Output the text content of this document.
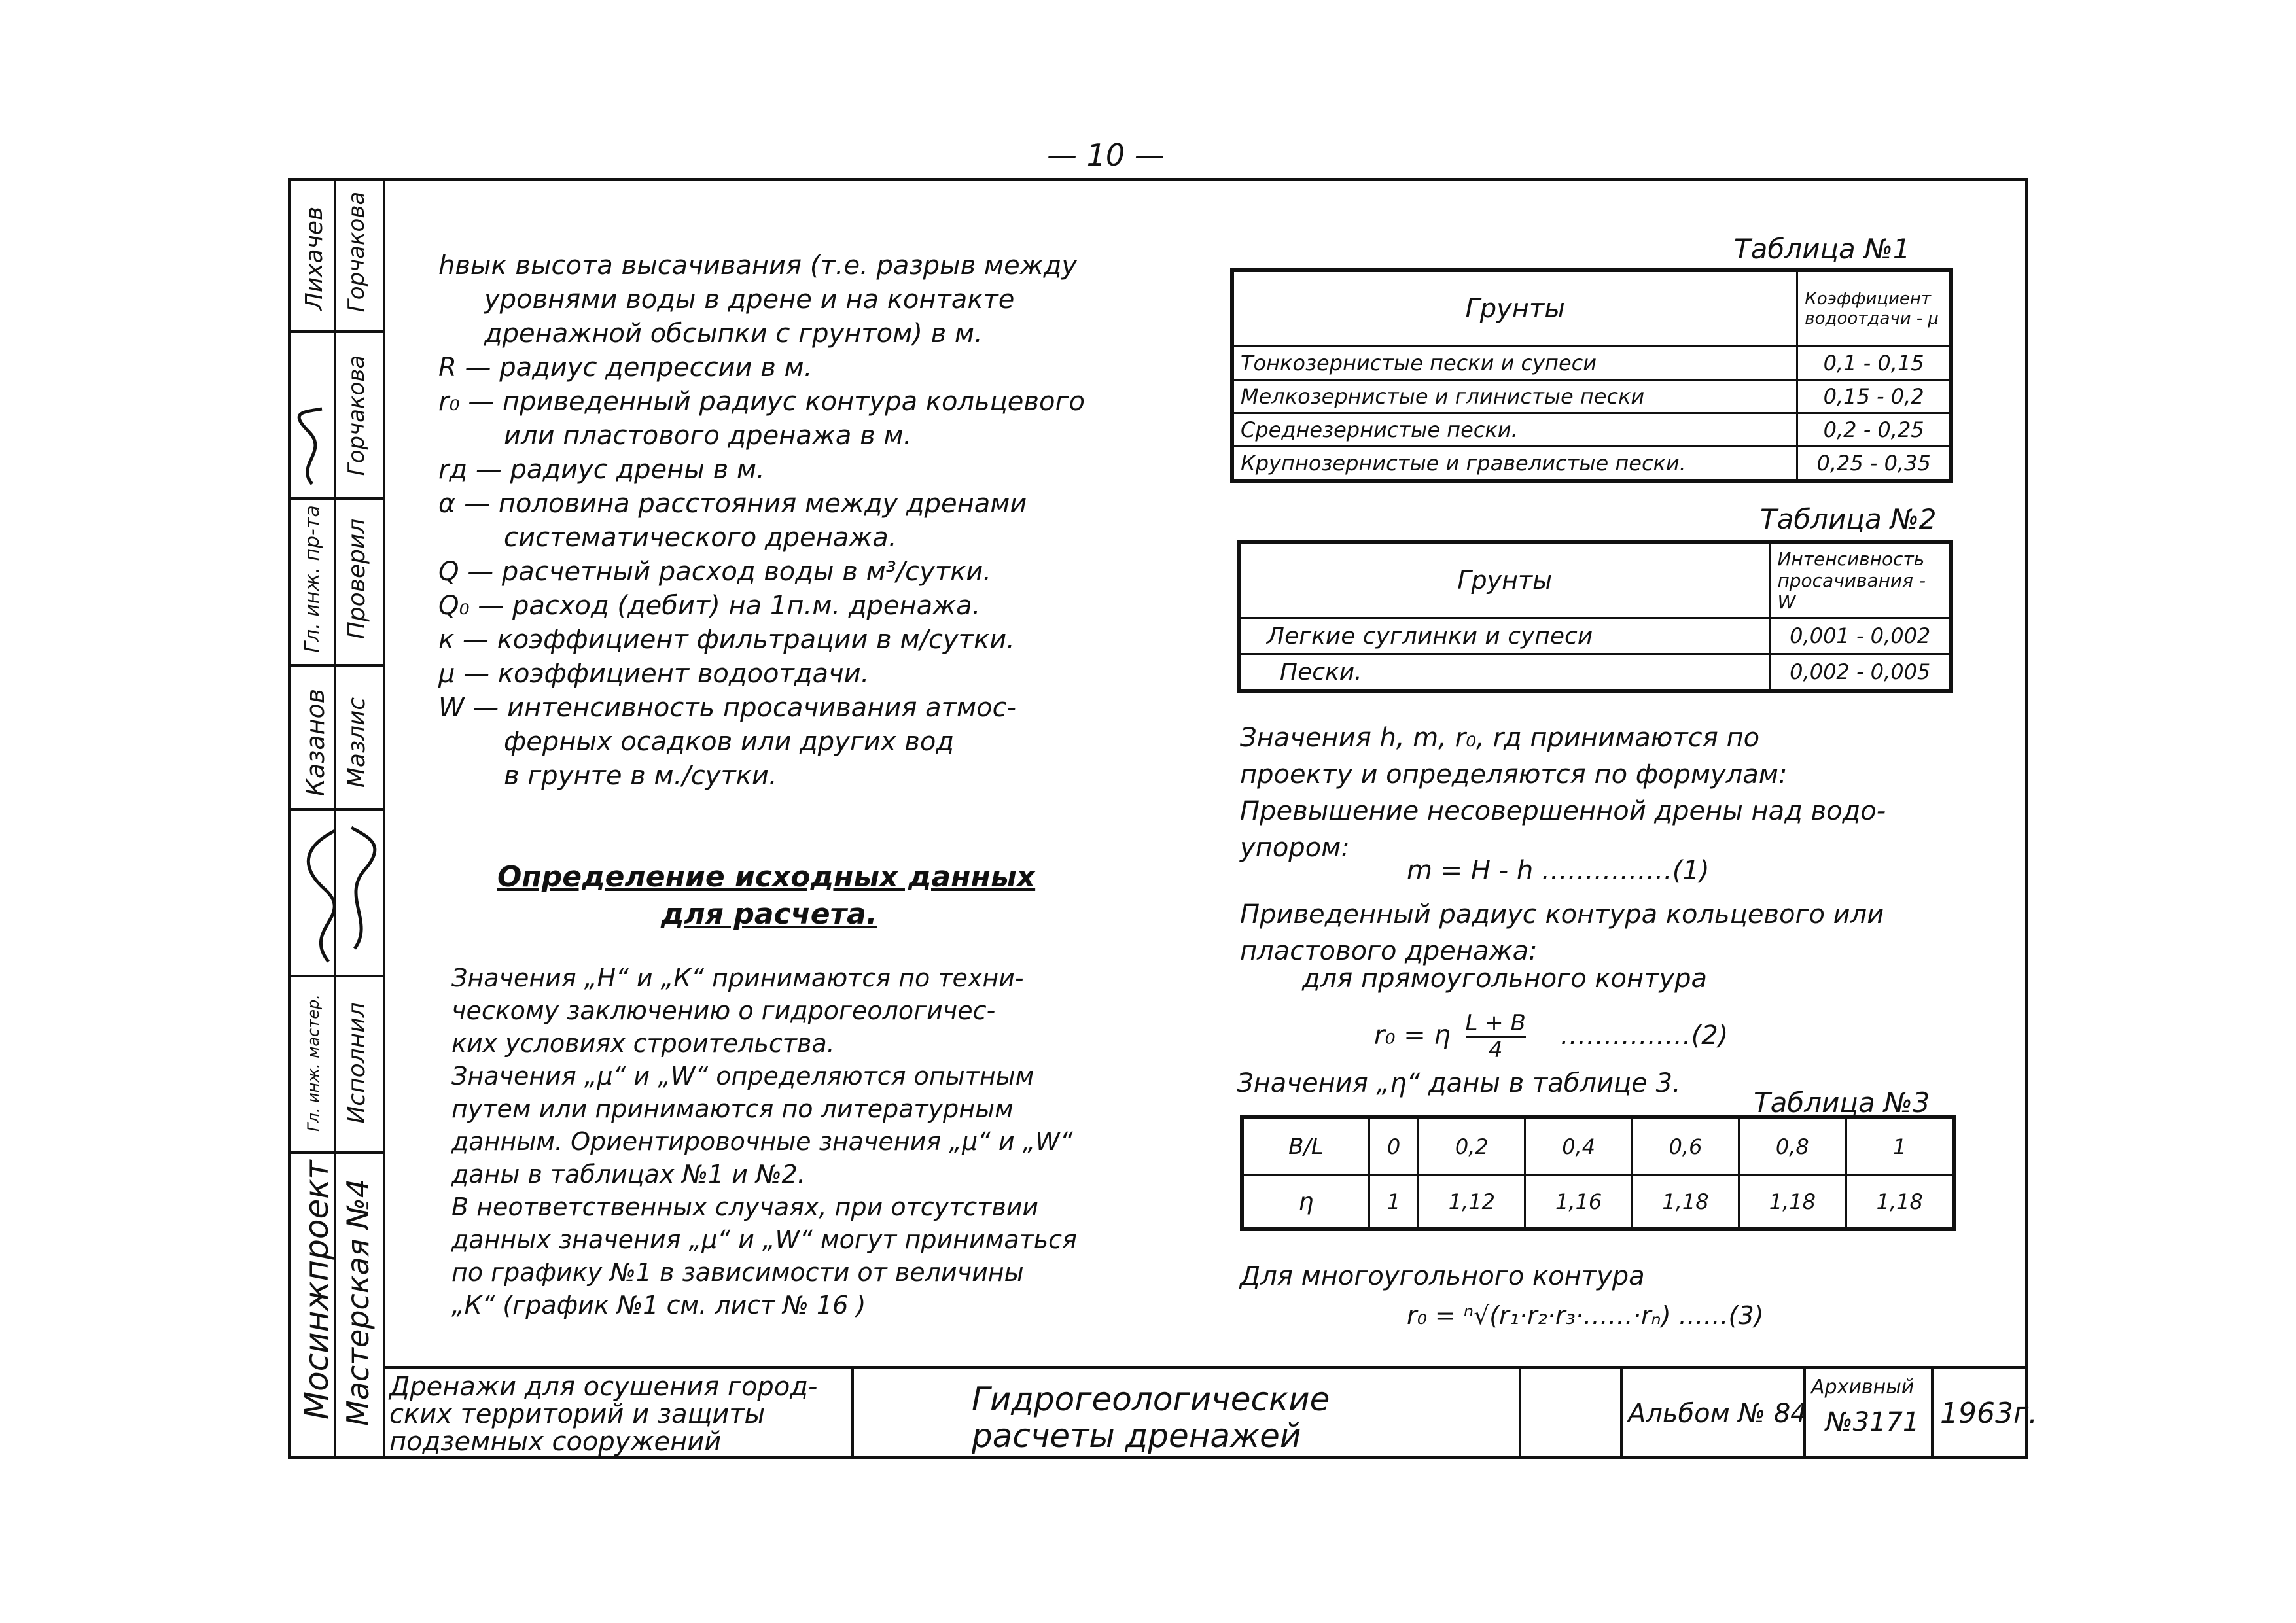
— 10 —
Мосинжпроект
Гл. инж. мастер.
Казанов
Гл. инж. пр-та
Лихачев
Мастерская №4
Исполнил
Мазлис
Проверил
Горчакова
Горчакова	hвык высота высачивания (т.е. разрыв между
уровнями воды в дрене и на контакте
дренажной обсыпки с грунтом) в м.
R — радиус депрессии в м.
r₀ — приведенный радиус контура кольцевого
или пластового дренажа в м.
rд — радиус дрены в м.
α — половина расстояния между дренами
систематического дренажа.
Q — расчетный расход воды в м³/сутки.
Q₀ — расход (дебит) на 1п.м. дренажа.
к — коэффициент фильтрации в м/сутки.
μ — коэффициент водоотдачи.
W — интенсивность просачивания атмос-
ферных осадков или других вод
в грунте в м./сутки.
Определение исходных данных
для расчета.
Значения „Н“ и „К“ принимаются по техни-
ческому заключению о гидрогеологичес-
ких условиях строительства.
Значения „μ“ и „W“ определяются опытным
путем или принимаются по литературным
данным. Ориентировочные значения „μ“ и „W“
даны в таблицах №1 и №2.
В неответственных случаях, при отсутствии
данных значения „μ“ и „W“ могут приниматься
по графику №1 в зависимости от величины
„К“ (график №1 см. лист № 16 )
Таблица №1
Грунты	Коэффициент водоотдачи - μ
Тонкозернистые пески и супеси	0,1 - 0,15
Мелкозернистые и глинистые пески	0,15 - 0,2
Среднезернистые пески.	0,2 - 0,25
Крупнозернистые и гравелистые пески.	0,25 - 0,35
Таблица №2
Грунты	Интенсивность просачивания - W
Легкие суглинки и супеси	0,001 - 0,002
Пески.	0,002 - 0,005
Значения h, m, r₀, rд принимаются по
проекту и определяются по формулам:
Превышение несовершенной дрены над водо-
упором:
m = H - h ……………(1)
Приведенный радиус контура кольцевого или
пластового дренажа:
для прямоугольного контура
r₀ = η $\frac{L + B}{4}$ ……………(2)
Значения „η“ даны в таблице 3.
Таблица №3
B/L	0	0,2	0,4	0,6	0,8	1
η	1	1,12	1,16	1,18	1,18	1,18
Для многоугольного контура
r₀ = ⁿ√(r₁·r₂·r₃·……·rₙ) ……(3)
Дренажи для осушения город-ских территорий и защиты подземных сооружений
Гидрогеологические расчеты дренажей
Альбом № 84
Архивный
№3171 1963г.
